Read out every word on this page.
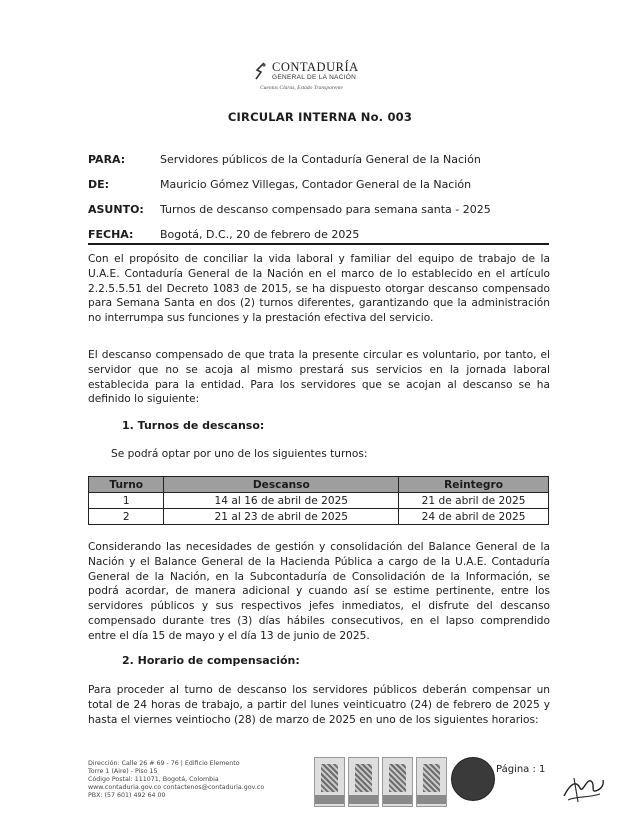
CONTADURÍA
GENERAL DE LA NACIÓN
Cuentas Claras, Estado Transparente
CIRCULAR INTERNA No. 003
PARA:	Servidores públicos de la Contaduría General de la Nación
DE:	Mauricio Gómez Villegas, Contador General de la Nación
ASUNTO: Turnos de descanso compensado para semana santa - 2025
FECHA: Bogotá, D.C., 20 de febrero de 2025
Con el propósito de conciliar la vida laboral y familiar del equipo de trabajo de la U.A.E. Contaduría General de la Nación en el marco de lo establecido en el artículo 2.2.5.5.51 del Decreto 1083 de 2015, se ha dispuesto otorgar descanso compensado para Semana Santa en dos (2) turnos diferentes, garantizando que la administración no interrumpa sus funciones y la prestación efectiva del servicio.
El descanso compensado de que trata la presente circular es voluntario, por tanto, el servidor que no se acoja al mismo prestará sus servicios en la jornada laboral establecida para la entidad. Para los servidores que se acojan al descanso se ha definido lo siguiente:
1. Turnos de descanso:
Se podrá optar por uno de los siguientes turnos:
Turno	Descanso	Reintegro
1	14 al 16 de abril de 2025	21 de abril de 2025
2	21 al 23 de abril de 2025	24 de abril de 2025
Considerando las necesidades de gestión y consolidación del Balance General de la Nación y el Balance General de la Hacienda Pública a cargo de la U.A.E. Contaduría General de la Nación, en la Subcontaduría de Consolidación de la Información, se podrá acordar, de manera adicional y cuando así se estime pertinente, entre los servidores públicos y sus respectivos jefes inmediatos, el disfrute del descanso compensado durante tres (3) días hábiles consecutivos, en el lapso comprendido entre el día 15 de mayo y el día 13 de junio de 2025.
2. Horario de compensación:
Para proceder al turno de descanso los servidores públicos deberán compensar un total de 24 horas de trabajo, a partir del lunes veinticuatro (24) de febrero de 2025 y hasta el viernes veintiocho (28) de marzo de 2025 en uno de los siguientes horarios:
Dirección: Calle 26 # 69 - 76 | Edificio Elemento
Torre 1 (Aire) - Piso 15
Código Postal: 111071, Bogotá, Colombia
www.contaduria.gov.co contactenos@contaduria.gov.co
PBX: (57 601) 492 64 00
Página : 1
